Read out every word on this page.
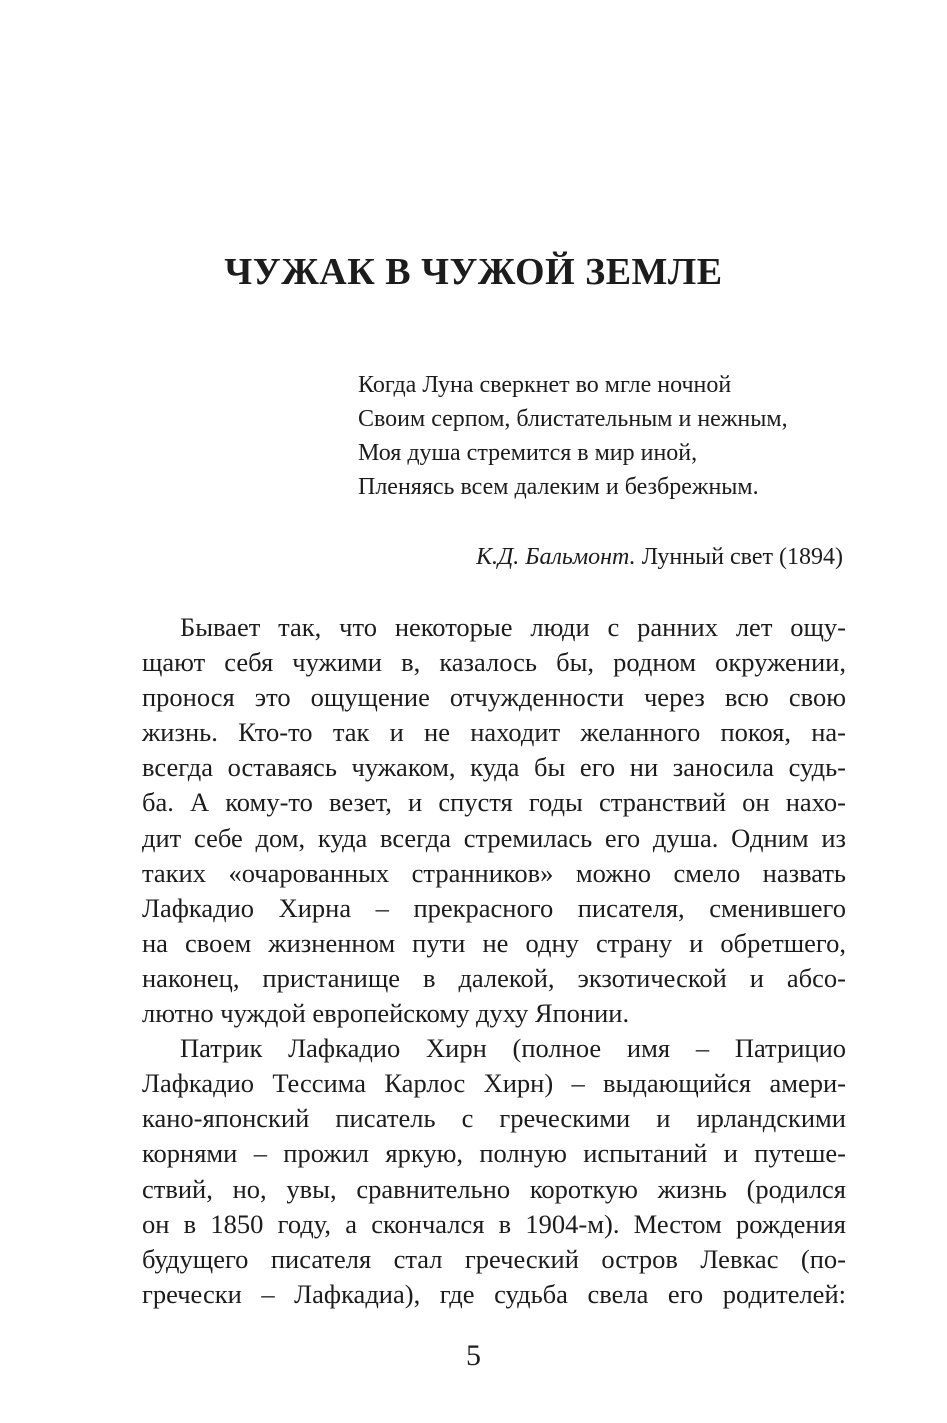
ЧУЖАК В ЧУЖОЙ ЗЕМЛЕ
Когда Луна сверкнет во мгле ночной
Своим серпом, блистательным и нежным,
Моя душа стремится в мир иной,
Пленяясь всем далеким и безбрежным.
К.Д. Бальмонт. Лунный свет (1894)
Бывает так, что некоторые люди с ранних лет ощу-
щают себя чужими в, казалось бы, родном окружении,
пронося это ощущение отчужденности через всю свою
жизнь. Кто-то так и не находит желанного покоя, на-
всегда оставаясь чужаком, куда бы его ни заносила судь-
ба. А кому-то везет, и спустя годы странствий он нахо-
дит себе дом, куда всегда стремилась его душа. Одним из
таких «очарованных странников» можно смело назвать
Лафкадио Хирна – прекрасного писателя, сменившего
на своем жизненном пути не одну страну и обретшего,
наконец, пристанище в далекой, экзотической и абсо-
лютно чуждой европейскому духу Японии.
Патрик Лафкадио Хирн (полное имя – Патрицио
Лафкадио Тессима Карлос Хирн) – выдающийся амери-
кано-японский писатель с греческими и ирландскими
корнями – прожил яркую, полную испытаний и путеше-
ствий, но, увы, сравнительно короткую жизнь (родился
он в 1850 году, а скончался в 1904-м). Местом рождения
будущего писателя стал греческий остров Левкас (по-
гречески – Лафкадиа), где судьба свела его родителей:
5
